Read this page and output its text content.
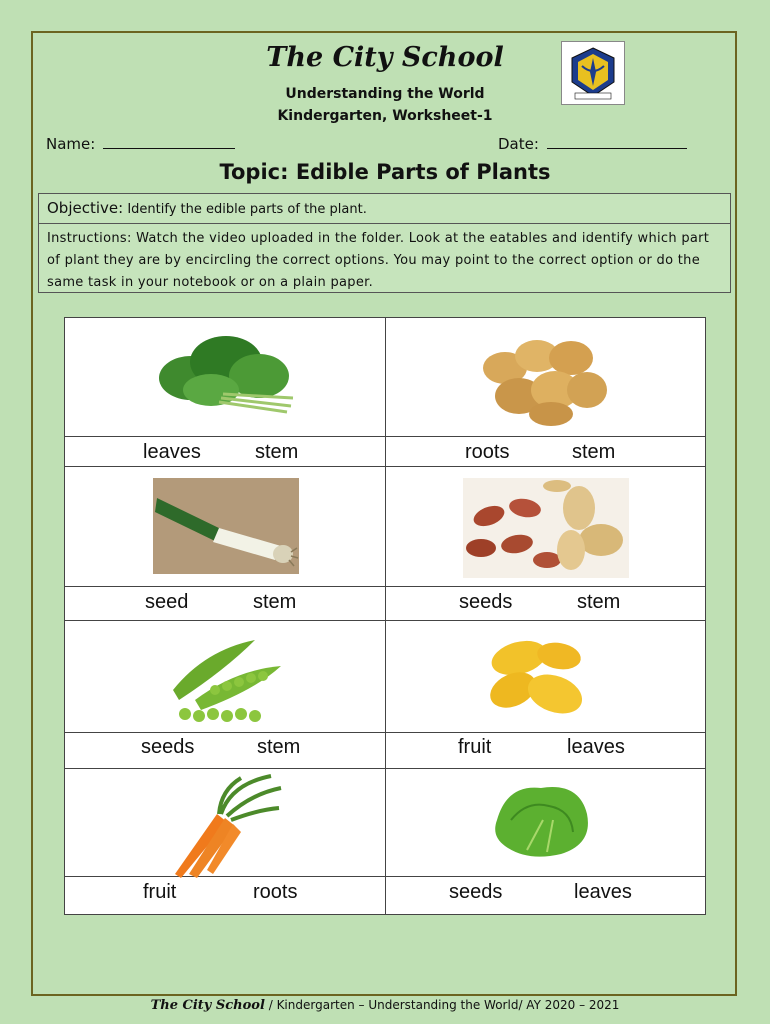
The City School
Understanding the World
Kindergarten, Worksheet-1
Name:	Date:
Topic: Edible Parts of Plants
Objective: Identify the edible parts of the plant.
Instructions: Watch the video uploaded in the folder. Look at the eatables and identify which part of plant they are by encircling the correct options. You may point to the correct option or do the same task in your notebook or on a plain paper.
leaves	stem	roots	stem
seed	stem	seeds	stem
seeds	stem	fruit	leaves
fruit	roots	seeds	leaves
The City School / Kindergarten – Understanding the World/ AY 2020 – 2021
